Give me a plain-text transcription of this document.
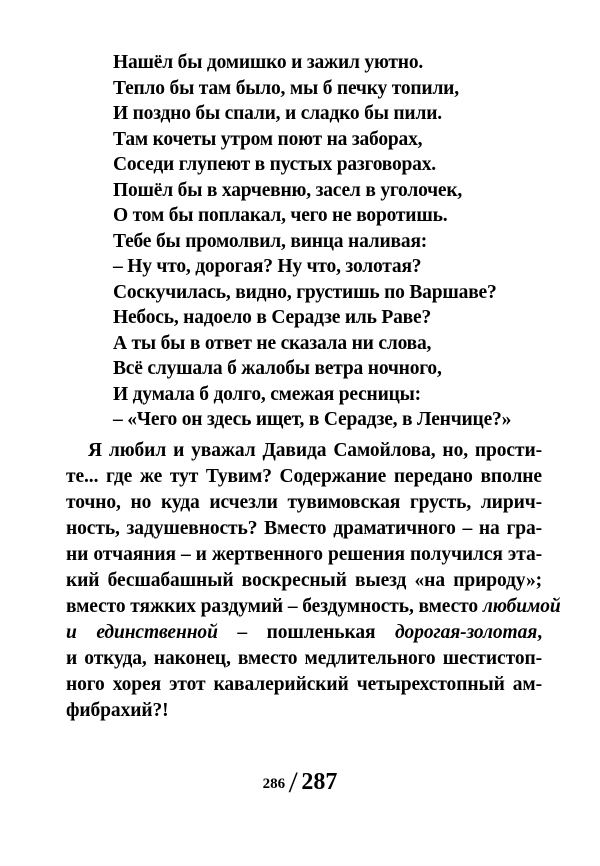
Нашёл бы домишко и зажил уютно.
Тепло бы там было, мы б печку топили,
И поздно бы спали, и сладко бы пили.
Там кочеты утром поют на заборах,
Соседи глупеют в пустых разговорах.
Пошёл бы в харчевню, засел в уголочек,
О том бы поплакал, чего не воротишь.
Тебе бы промолвил, винца наливая:
– Ну что, дорогая? Ну что, золотая?
Соскучилась, видно, грустишь по Варшаве?
Небось, надоело в Серадзе иль Раве?
А ты бы в ответ не сказала ни слова,
Всё слушала б жалобы ветра ночного,
И думала б долго, смежая ресницы:
– «Чего он здесь ищет, в Серадзе, в Ленчице?»
Я любил и уважал Давида Самойлова, но, прости-
те... где же тут Тувим? Содержание передано вполне
точно, но куда исчезли тувимовская грусть, лирич-
ность, задушевность? Вместо драматичного – на гра-
ни отчаяния – и жертвенного решения получился эта-
кий бесшабашный воскресный выезд «на природу»;
вместо тяжких раздумий – бездумность, вместо любимой
и единственной – пошленькая дорогая-золотая,
и откуда, наконец, вместо медлительного шестистоп-
ного хорея этот кавалерийский четырехстопный ам-
фибрахий?!
286 / 287
